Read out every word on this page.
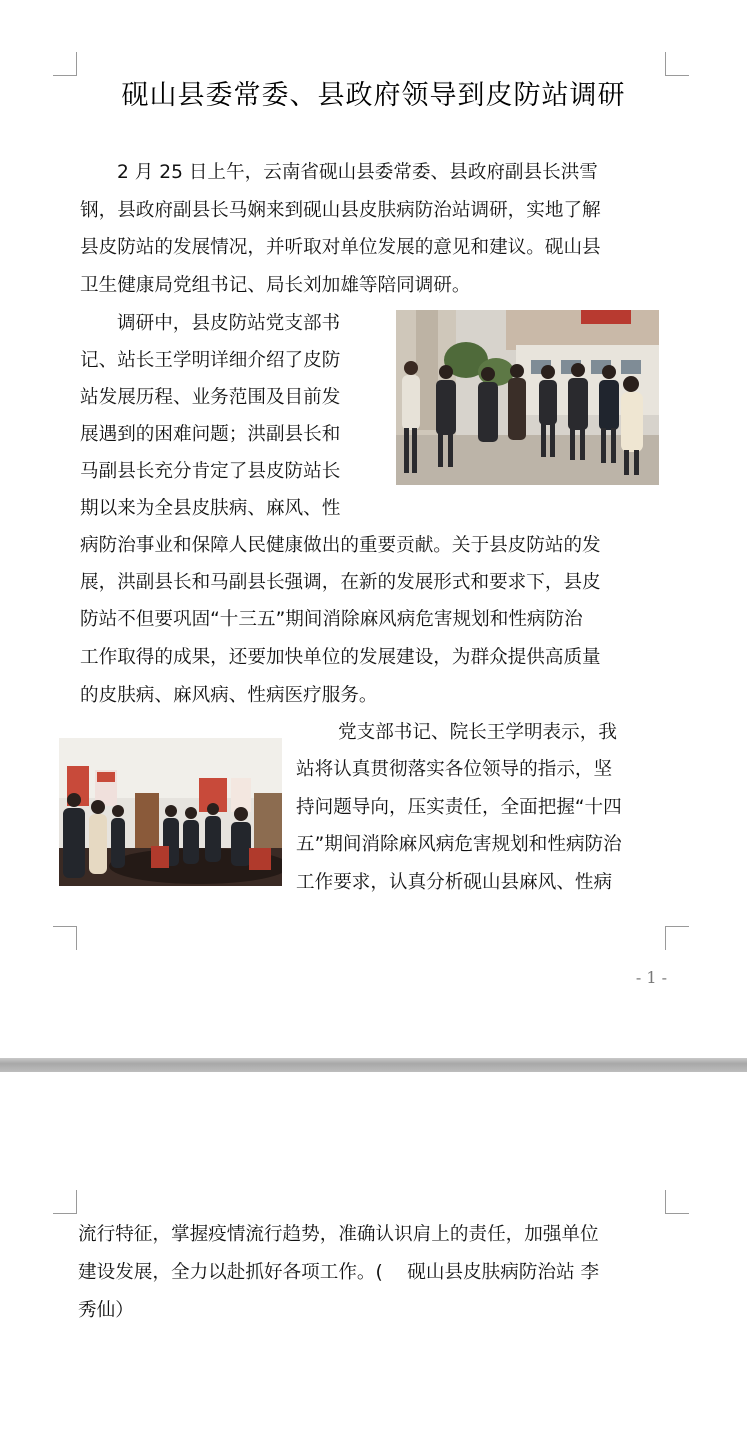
砚山县委常委、县政府领导到皮防站调研
2 月 25 日上午，云南省砚山县委常委、县政府副县长洪雪
钢，县政府副县长马娴来到砚山县皮肤病防治站调研，实地了解
县皮防站的发展情况，并听取对单位发展的意见和建议。砚山县
卫生健康局党组书记、局长刘加雄等陪同调研。
调研中，县皮防站党支部书
记、站长王学明详细介绍了皮防
站发展历程、业务范围及目前发
展遇到的困难问题；洪副县长和
马副县长充分肯定了县皮防站长
期以来为全县皮肤病、麻风、性
病防治事业和保障人民健康做出的重要贡献。关于县皮防站的发
展，洪副县长和马副县长强调，在新的发展形式和要求下，县皮
防站不但要巩固“十三五”期间消除麻风病危害规划和性病防治
工作取得的成果，还要加快单位的发展建设，为群众提供高质量
的皮肤病、麻风病、性病医疗服务。
党支部书记、院长王学明表示，我
站将认真贯彻落实各位领导的指示，坚
持问题导向，压实责任，全面把握“十四
五”期间消除麻风病危害规划和性病防治
工作要求，认真分析砚山县麻风、性病
- 1 -
流行特征，掌握疫情流行趋势，准确认识肩上的责任，加强单位
建设发展，全力以赴抓好各项工作。(　 砚山县皮肤病防治站 李
秀仙）
